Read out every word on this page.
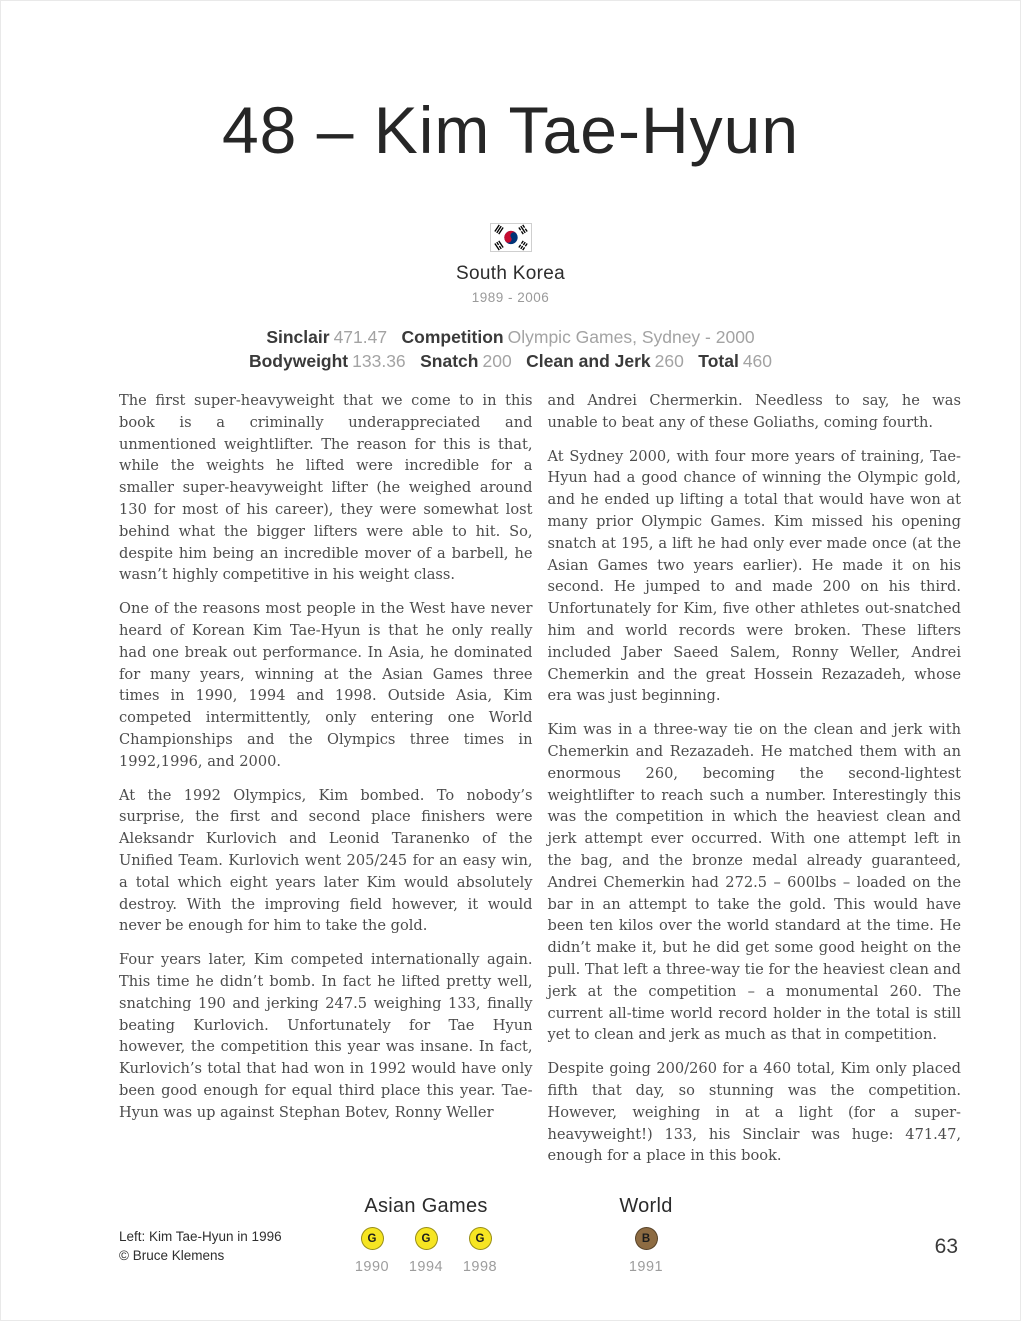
48 – Kim Tae-Hyun
South Korea
1989 - 2006
Sinclair 471.47 Competition Olympic Games, Sydney - 2000
Bodyweight 133.36 Snatch 200 Clean and Jerk 260 Total 460

The first super-heavyweight that we come to in this book is a criminally underappreciated and unmentioned weightlifter. The reason for this is that, while the weights he lifted were incredible for a smaller super-heavyweight lifter (he weighed around 130 for most of his career), they were somewhat lost behind what the bigger lifters were able to hit. So, despite him being an incredible mover of a barbell, he wasn’t highly competitive in his weight class.

One of the reasons most people in the West have never heard of Korean Kim Tae-Hyun is that he only really had one break out performance. In Asia, he dominated for many years, winning at the Asian Games three times in 1990, 1994 and 1998. Outside Asia, Kim competed intermittently, only entering one World Championships and the Olympics three times in 1992,1996, and 2000.

At the 1992 Olympics, Kim bombed. To nobody’s surprise, the first and second place finishers were Aleksandr Kurlovich and Leonid Taranenko of the Unified Team. Kurlovich went 205/245 for an easy win, a total which eight years later Kim would absolutely destroy. With the improving field however, it would never be enough for him to take the gold.

Four years later, Kim competed internationally again. This time he didn’t bomb. In fact he lifted pretty well, snatching 190 and jerking 247.5 weighing 133, finally beating Kurlovich. Unfortunately for Tae Hyun however, the competition this year was insane. In fact, Kurlovich’s total that had won in 1992 would have only been good enough for equal third place this year. Tae-Hyun was up against Stephan Botev, Ronny Weller

and Andrei Chermerkin. Needless to say, he was unable to beat any of these Goliaths, coming fourth.

At Sydney 2000, with four more years of training, Tae-Hyun had a good chance of winning the Olympic gold, and he ended up lifting a total that would have won at many prior Olympic Games. Kim missed his opening snatch at 195, a lift he had only ever made once (at the Asian Games two years earlier). He made it on his second. He jumped to and made 200 on his third. Unfortunately for Kim, five other athletes out-snatched him and world records were broken. These lifters included Jaber Saeed Salem, Ronny Weller, Andrei Chemerkin and the great Hossein Rezazadeh, whose era was just beginning.

Kim was in a three-way tie on the clean and jerk with Chemerkin and Rezazadeh. He matched them with an enormous 260, becoming the second-lightest weightlifter to reach such a number. Interestingly this was the competition in which the heaviest clean and jerk attempt ever occurred. With one attempt left in the bag, and the bronze medal already guaranteed, Andrei Chemerkin had 272.5 – 600lbs – loaded on the bar in an attempt to take the gold. This would have been ten kilos over the world standard at the time. He didn’t make it, but he did get some good height on the pull. That left a three-way tie for the heaviest clean and jerk at the competition – a monumental 260. The current all-time world record holder in the total is still yet to clean and jerk as much as that in competition.

Despite going 200/260 for a 460 total, Kim only placed fifth that day, so stunning was the competition. However, weighing in at a light (for a super-heavyweight!) 133, his Sinclair was huge: 471.47, enough for a place in this book.

Asian Games
G
1990
G
1994
G
1998
World
B
1991
Left: Kim Tae-Hyun in 1996
© Bruce Klemens	63
